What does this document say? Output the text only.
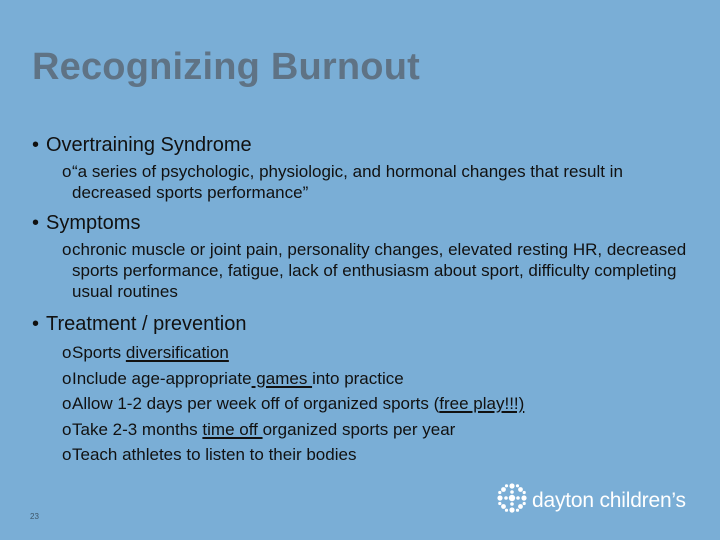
Recognizing Burnout
• Overtraining Syndrome
o “a series of psychologic, physiologic, and hormonal changes that result in decreased sports performance”
• Symptoms
o chronic muscle or joint pain, personality changes, elevated resting HR, decreased sports performance, fatigue, lack of enthusiasm about sport, difficulty completing usual routines
• Treatment / prevention
o Sports diversification
o Include age-appropriate games into practice
o Allow 1-2 days per week off of organized sports (free play!!!)
o Take 2-3 months time off organized sports per year
o Teach athletes to listen to their bodies
23
dayton children’s
